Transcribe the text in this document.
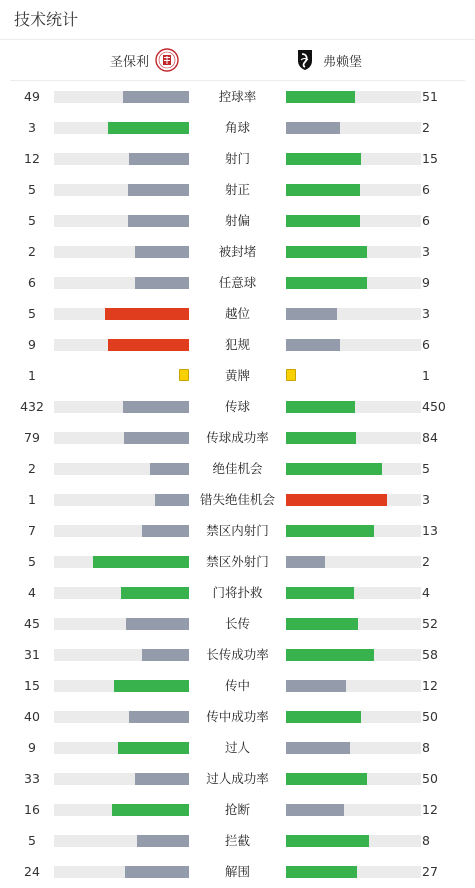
技术统计
圣保利	弗赖堡
49	控球率	51
3	角球	2
12	射门	15
5	射正	6
5	射偏	6
2	被封堵	3
6	任意球	9
5	越位	3
9	犯规	6
1	黄牌	1
432	传球	450
79	传球成功率	84
2	绝佳机会	5
1	错失绝佳机会	3
7	禁区内射门	13
5	禁区外射门	2
4	门将扑救	4
45	长传	52
31	长传成功率	58
15	传中	12
40	传中成功率	50
9	过人	8
33	过人成功率	50
16	抢断	12
5	拦截	8
24	解围	27
